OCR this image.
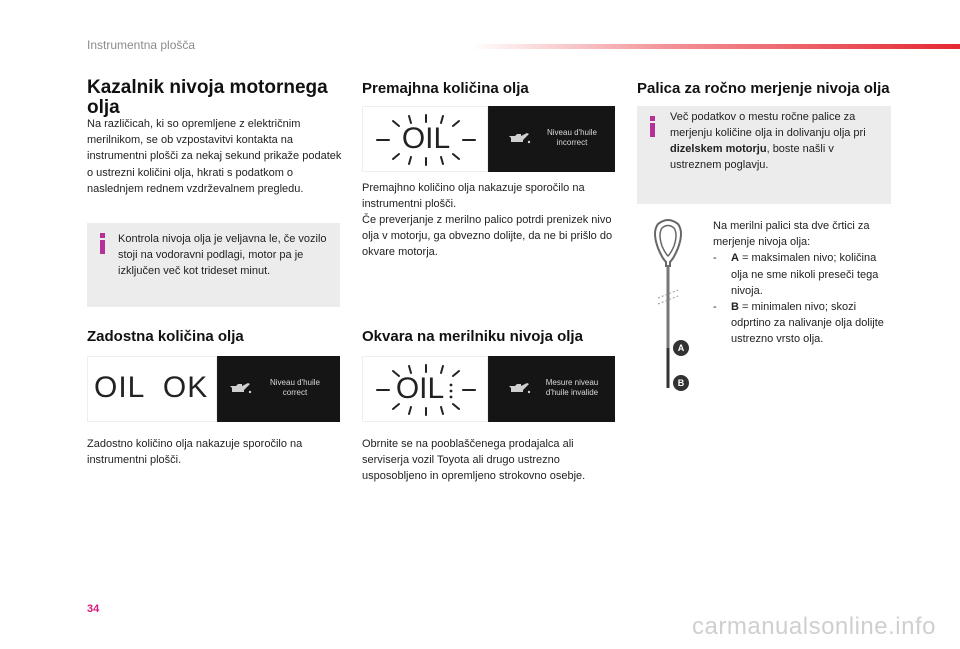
Instrumentna plošča
Kazalnik nivoja motornega olja
Na različicah, ki so opremljene z električnim merilnikom, se ob vzpostavitvi kontakta na instrumentni plošči za nekaj sekund prikaže podatek o ustrezni količini olja, hkrati s podatkom o naslednjem rednem vzdrževalnem pregledu.
Kontrola nivoja olja je veljavna le, če vozilo stoji na vodoravni podlagi, motor pa je izključen več kot trideset minut.
Zadostna količina olja
OIL  OK	Niveau d'huile
correct
Zadostno količino olja nakazuje sporočilo na instrumentni plošči.
Premajhna količina olja
OIL	Niveau d'huile
incorrect
Premajhno količino olja nakazuje sporočilo na instrumentni plošči.
Če preverjanje z merilno palico potrdi prenizek nivo olja v motorju, ga obvezno dolijte, da ne bi prišlo do okvare motorja.
Okvara na merilniku nivoja olja
OIL	Mesure niveau
d'huile invalide
Obrnite se na pooblaščenega prodajalca ali serviserja vozil Toyota ali drugo ustrezno usposobljeno in opremljeno strokovno osebje.
Palica za ročno merjenje nivoja olja
Več podatkov o mestu ročne palice za merjenju količine olja in dolivanju olja pri dizelskem motorju, boste našli v ustreznem poglavju.
A
B
Na merilni palici sta dve črtici za merjenje nivoja olja:
- A = maksimalen nivo; količina olja ne sme nikoli preseči tega nivoja.
- B = minimalen nivo; skozi odprtino za nalivanje olja dolijte ustrezno vrsto olja.
34
carmanualsonline.info
